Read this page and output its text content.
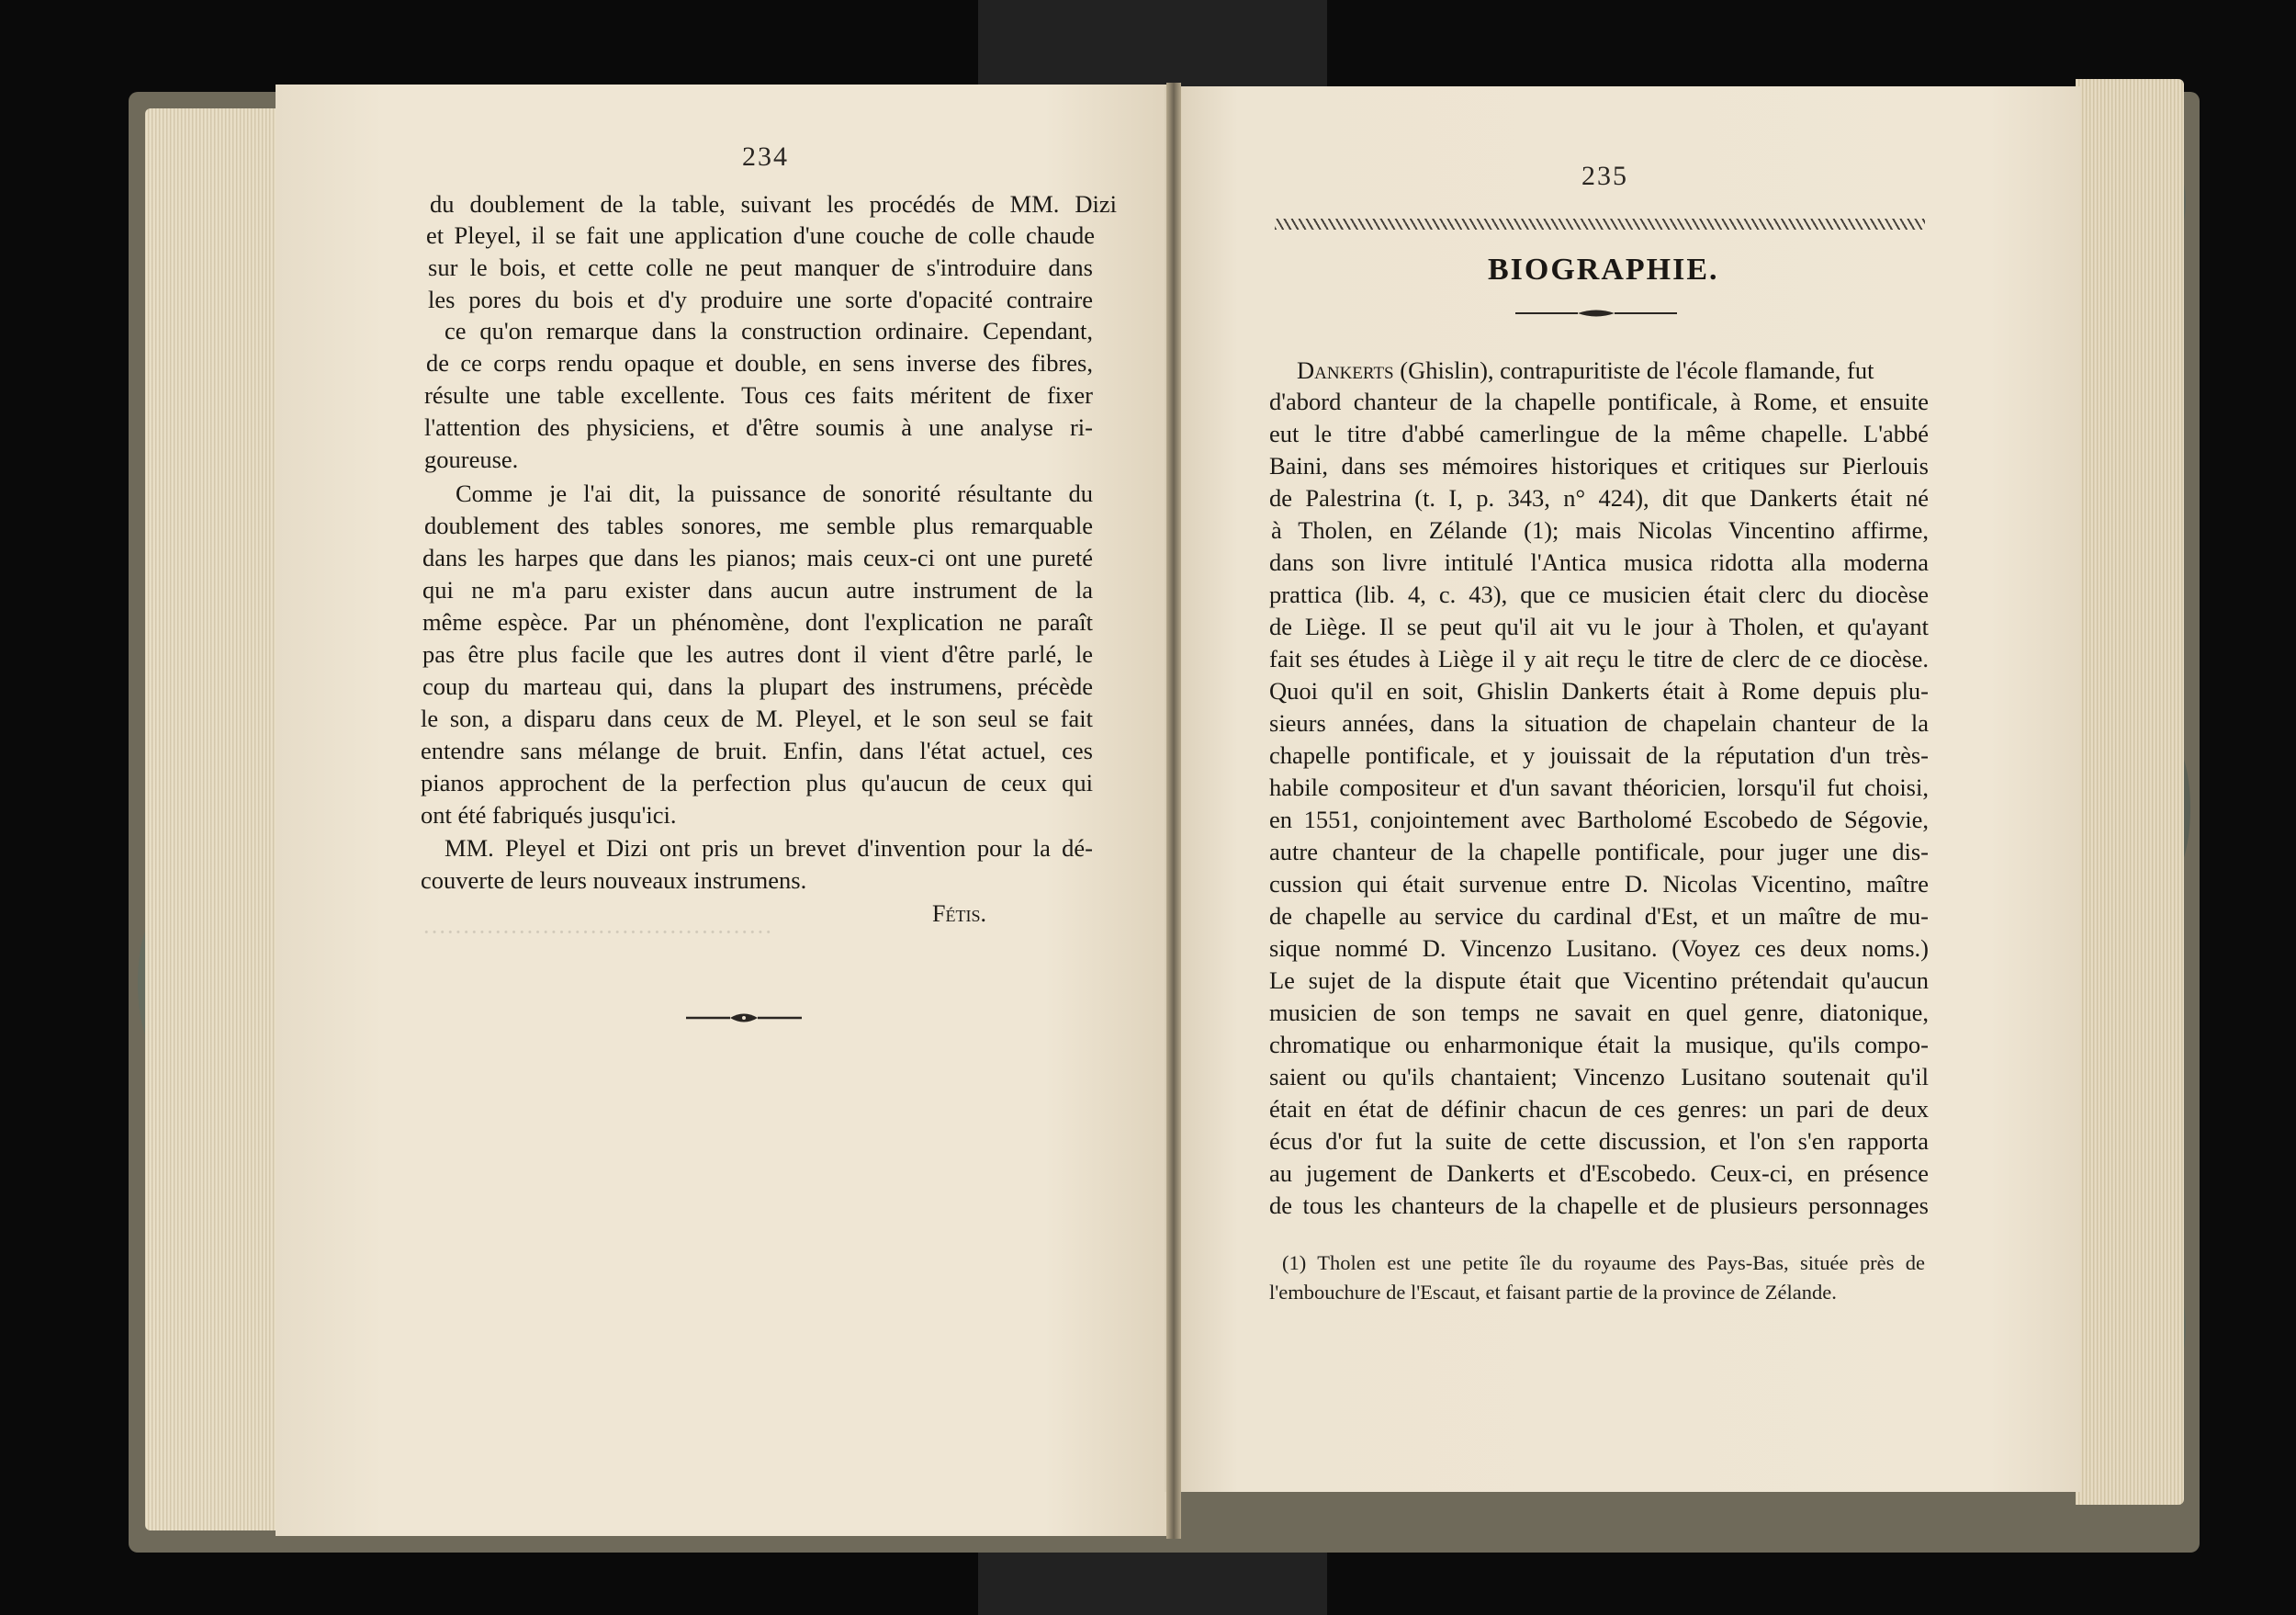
············································
234
du doublement de la table, suivant les procédés de MM. Dizi
et Pleyel, il se fait une application d'une couche de colle chaude
sur le bois, et cette colle ne peut manquer de s'introduire dans
les pores du bois et d'y produire une sorte d'opacité contraire
ce qu'on remarque dans la construction ordinaire. Cependant,
de ce corps rendu opaque et double, en sens inverse des fibres,
résulte une table excellente. Tous ces faits méritent de fixer
l'attention des physiciens, et d'être soumis à une analyse ri-
goureuse.
Comme je l'ai dit, la puissance de sonorité résultante du
doublement des tables sonores, me semble plus remarquable
dans les harpes que dans les pianos; mais ceux-ci ont une pureté
qui ne m'a paru exister dans aucun autre instrument de la
même espèce. Par un phénomène, dont l'explication ne paraît
pas être plus facile que les autres dont il vient d'être parlé, le
coup du marteau qui, dans la plupart des instrumens, précède
le son, a disparu dans ceux de M. Pleyel, et le son seul se fait
entendre sans mélange de bruit. Enfin, dans l'état actuel, ces
pianos approchent de la perfection plus qu'aucun de ceux qui
ont été fabriqués jusqu'ici.
MM. Pleyel et Dizi ont pris un brevet d'invention pour la dé-
couverte de leurs nouveaux instrumens.
Fétis.
235
BIOGRAPHIE.
Dankerts (Ghislin), contrapuritiste de l'école flamande, fut
d'abord chanteur de la chapelle pontificale, à Rome, et ensuite
eut le titre d'abbé camerlingue de la même chapelle. L'abbé
Baini, dans ses mémoires historiques et critiques sur Pierlouis
de Palestrina (t. I, p. 343, n° 424), dit que Dankerts était né
à Tholen, en Zélande (1); mais Nicolas Vincentino affirme,
dans son livre intitulé l'Antica musica ridotta alla moderna
prattica (lib. 4, c. 43), que ce musicien était clerc du diocèse
de Liège. Il se peut qu'il ait vu le jour à Tholen, et qu'ayant
fait ses études à Liège il y ait reçu le titre de clerc de ce diocèse.
Quoi qu'il en soit, Ghislin Dankerts était à Rome depuis plu-
sieurs années, dans la situation de chapelain chanteur de la
chapelle pontificale, et y jouissait de la réputation d'un très-
habile compositeur et d'un savant théoricien, lorsqu'il fut choisi,
en 1551, conjointement avec Bartholomé Escobedo de Ségovie,
autre chanteur de la chapelle pontificale, pour juger une dis-
cussion qui était survenue entre D. Nicolas Vicentino, maître
de chapelle au service du cardinal d'Est, et un maître de mu-
sique nommé D. Vincenzo Lusitano. (Voyez ces deux noms.)
Le sujet de la dispute était que Vicentino prétendait qu'aucun
musicien de son temps ne savait en quel genre, diatonique,
chromatique ou enharmonique était la musique, qu'ils compo-
saient ou qu'ils chantaient; Vincenzo Lusitano soutenait qu'il
était en état de définir chacun de ces genres: un pari de deux
écus d'or fut la suite de cette discussion, et l'on s'en rapporta
au jugement de Dankerts et d'Escobedo. Ceux-ci, en présence
de tous les chanteurs de la chapelle et de plusieurs personnages
(1) Tholen est une petite île du royaume des Pays-Bas, située près de
l'embouchure de l'Escaut, et faisant partie de la province de Zélande.
